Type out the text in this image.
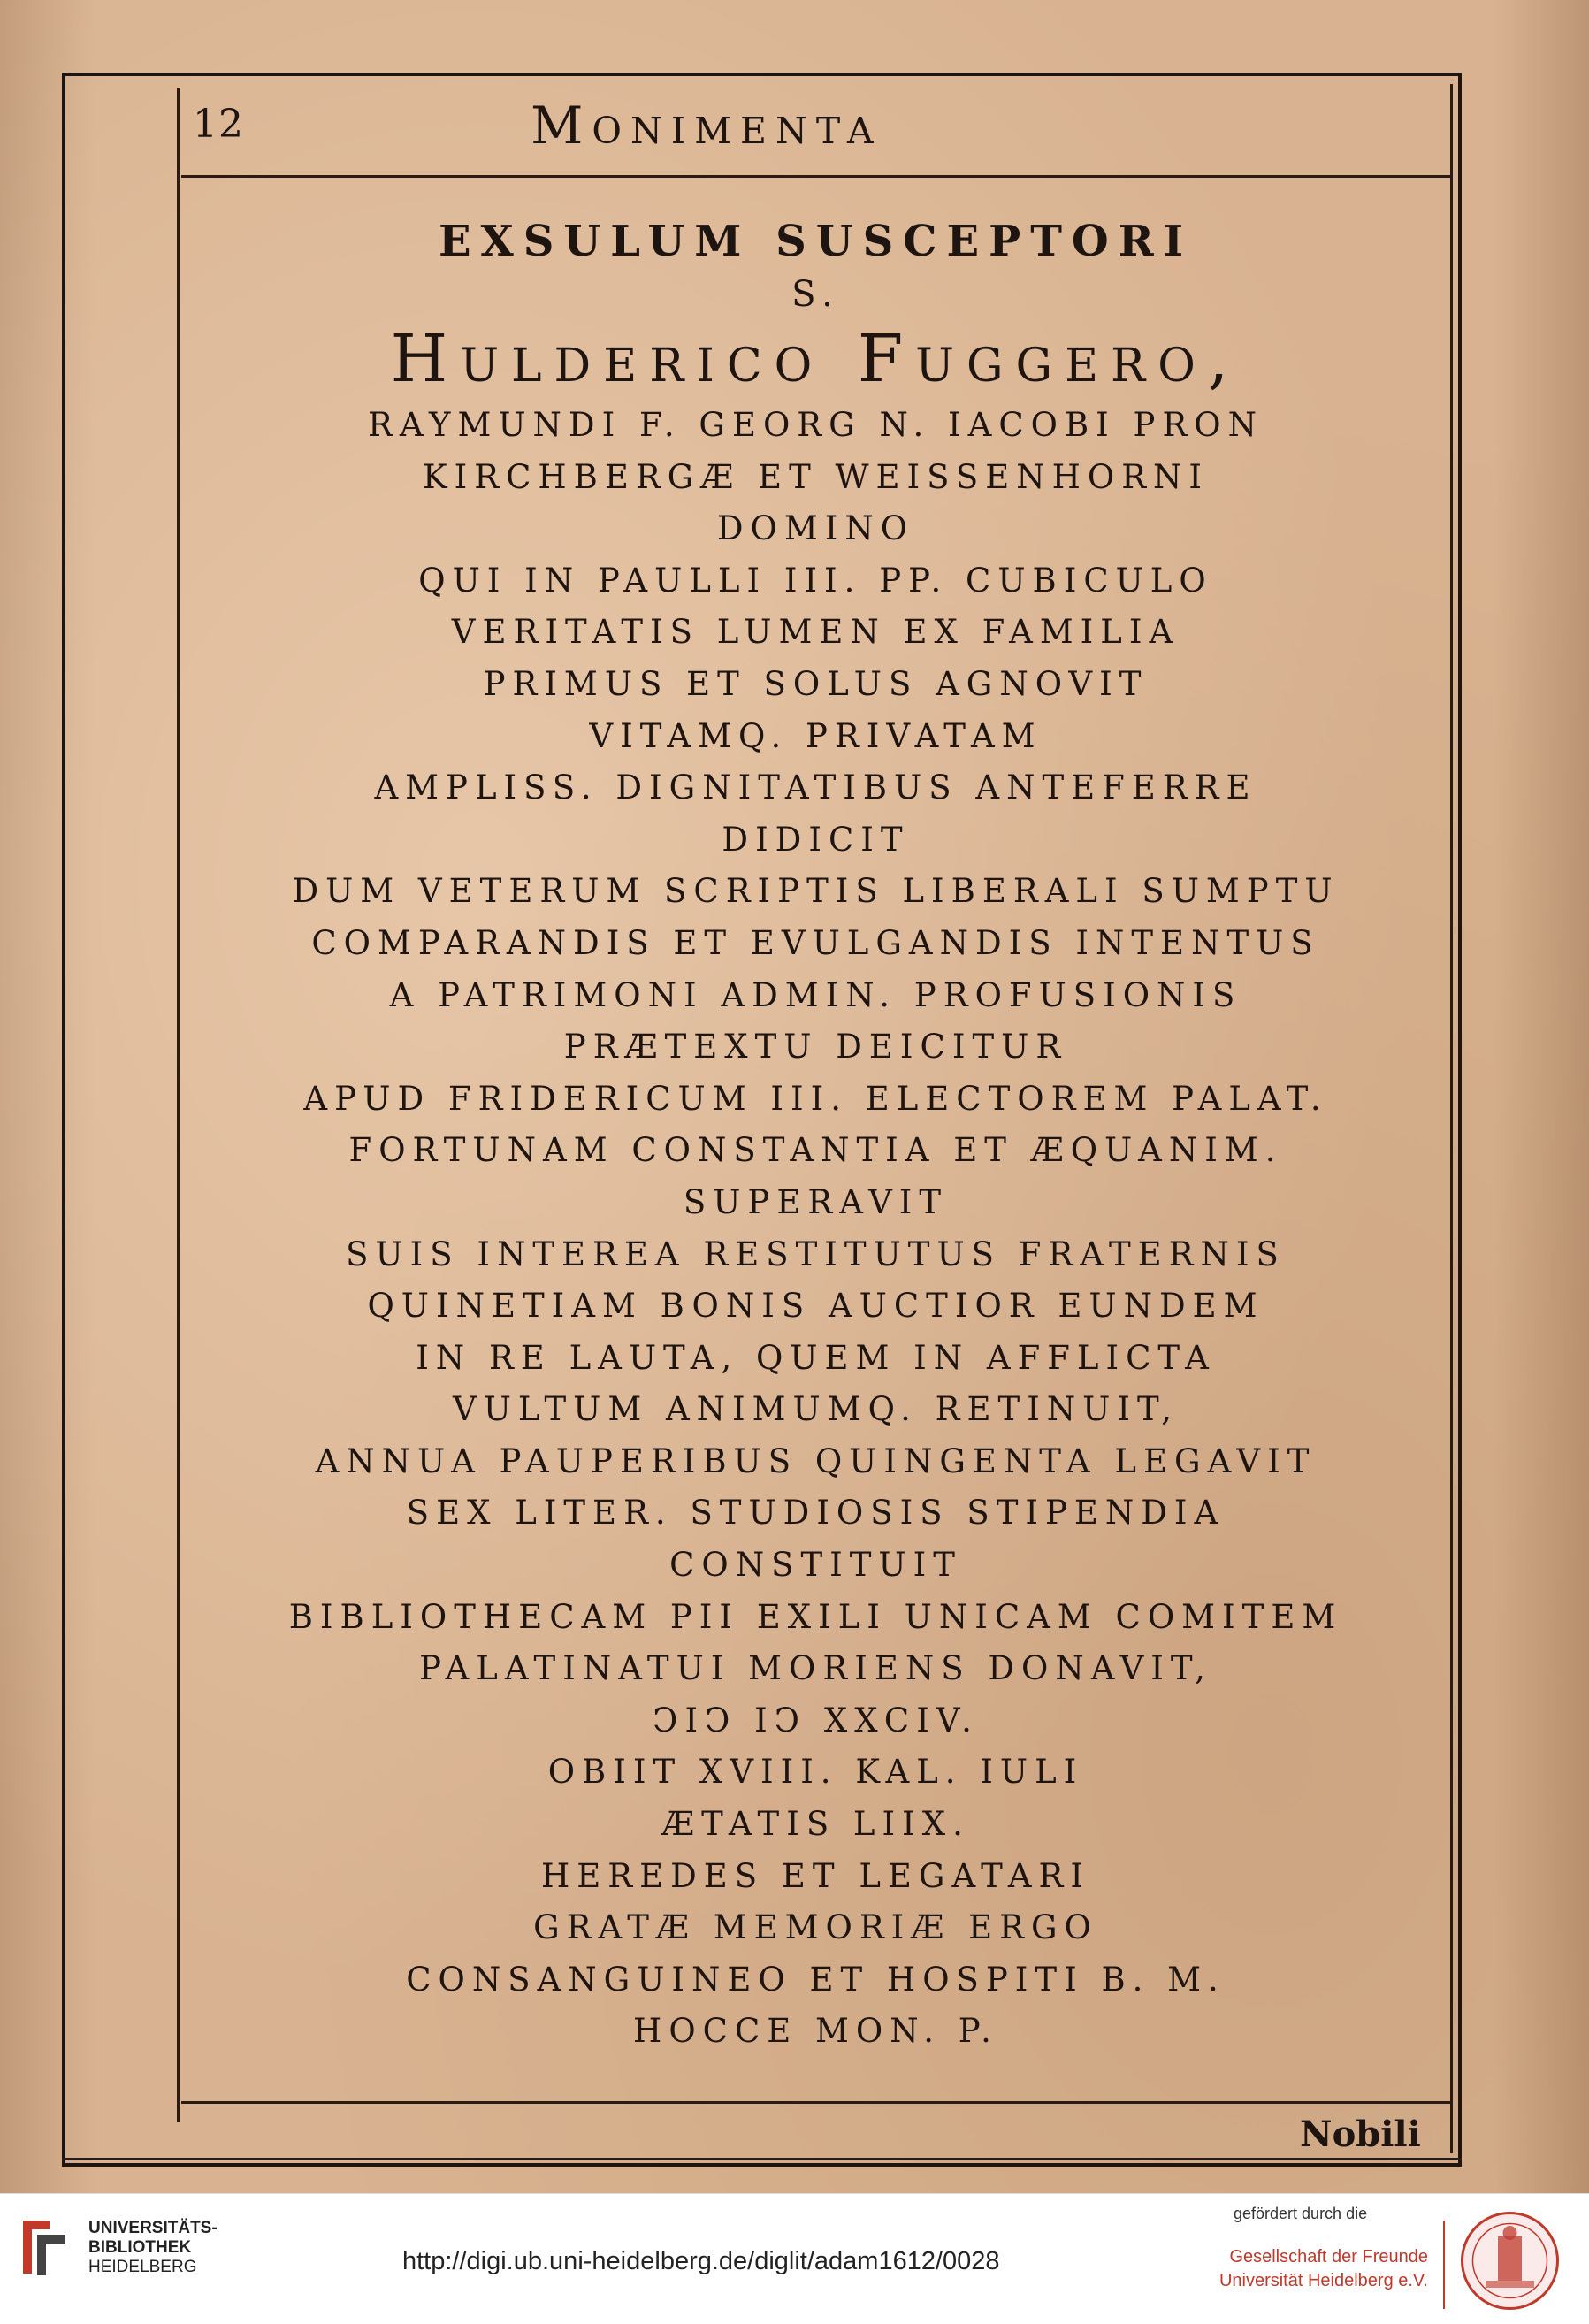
12	Monimenta
EXSULUM SUSCEPTORI
S.
Hulderico Fuggero,
RAYMUNDI F. GEORG N. IACOBI PRON
KIRCHBERGÆ ET WEISSENHORNI
DOMINO
QUI IN PAULLI III. PP. CUBICULO
VERITATIS LUMEN EX FAMILIA
PRIMUS ET SOLUS AGNOVIT
VITAMQ. PRIVATAM
AMPLISS. DIGNITATIBUS ANTEFERRE
DIDICIT
DUM VETERUM SCRIPTIS LIBERALI SUMPTU
COMPARANDIS ET EVULGANDIS INTENTUS
A PATRIMONI ADMIN. PROFUSIONIS
PRÆTEXTU DEICITUR
APUD FRIDERICUM III. ELECTOREM PALAT.
FORTUNAM CONSTANTIA ET ÆQUANIM.
SUPERAVIT
SUIS INTEREA RESTITUTUS FRATERNIS
QUINETIAM BONIS AUCTIOR EUNDEM
IN RE LAUTA, QUEM IN AFFLICTA
VULTUM ANIMUMQ. RETINUIT,
ANNUA PAUPERIBUS QUINGENTA LEGAVIT
SEX LITER. STUDIOSIS STIPENDIA
CONSTITUIT
BIBLIOTHECAM PII EXILI UNICAM COMITEM
PALATINATUI MORIENS DONAVIT,
ↃIↃ IↃ XXCIV.
OBIIT XVIII. KAL. IULI
ÆTATIS LIIX.
HEREDES ET LEGATARI
GRATÆ MEMORIÆ ERGO
CONSANGUINEO ET HOSPITI B. M.
HOCCE MON. P.
Nobili
UNIVERSITÄTS-
BIBLIOTHEK
HEIDELBERG	http://digi.ub.uni-heidelberg.de/diglit/adam1612/0028
gefördert durch die
Gesellschaft der Freunde
Universität Heidelberg e.V.
